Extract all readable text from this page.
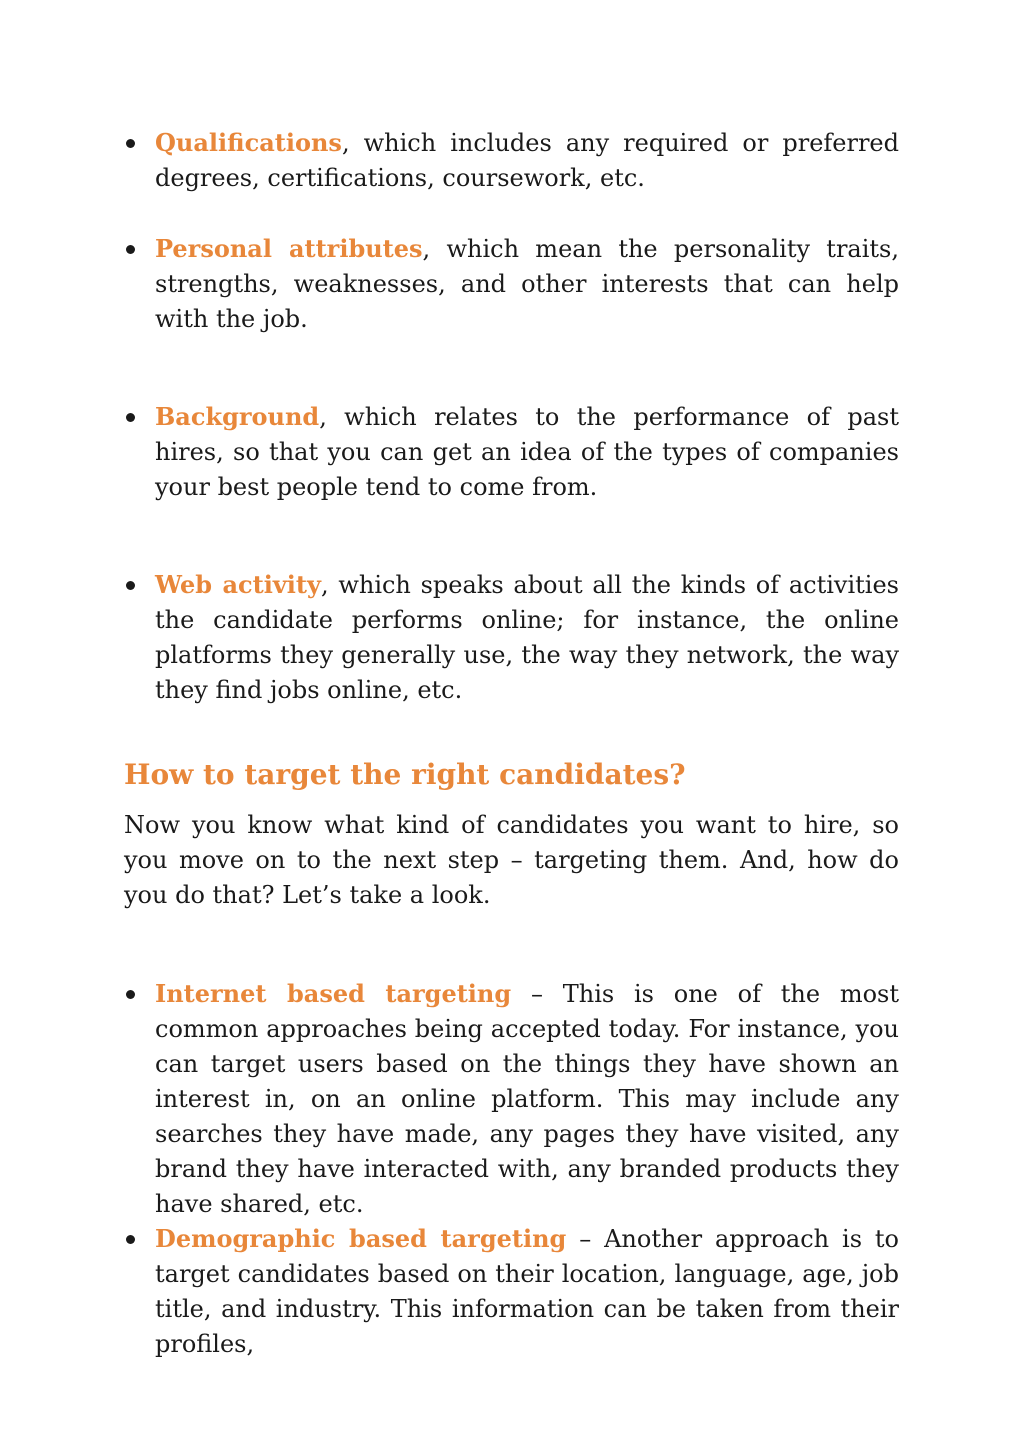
Qualifications, which includes any required or preferred degrees, certifications, coursework, etc.
Personal attributes, which mean the personality traits, strengths, weaknesses, and other interests that can help with the job.
Background, which relates to the performance of past hires, so that you can get an idea of the types of companies your best people tend to come from.
Web activity, which speaks about all the kinds of activities the candidate performs online; for instance, the online platforms they generally use, the way they network, the way they find jobs online, etc.
How to target the right candidates?

Now you know what kind of candidates you want to hire, so you move on to the next step – targeting them. And, how do you do that? Let’s take a look.

Internet based targeting – This is one of the most common approaches being accepted today. For instance, you can target users based on the things they have shown an interest in, on an online platform. This may include any searches they have made, any pages they have visited, any brand they have interacted with, any branded products they have shared, etc.
Demographic based targeting – Another approach is to target candidates based on their location, language, age, job title, and industry. This information can be taken from their profiles,
